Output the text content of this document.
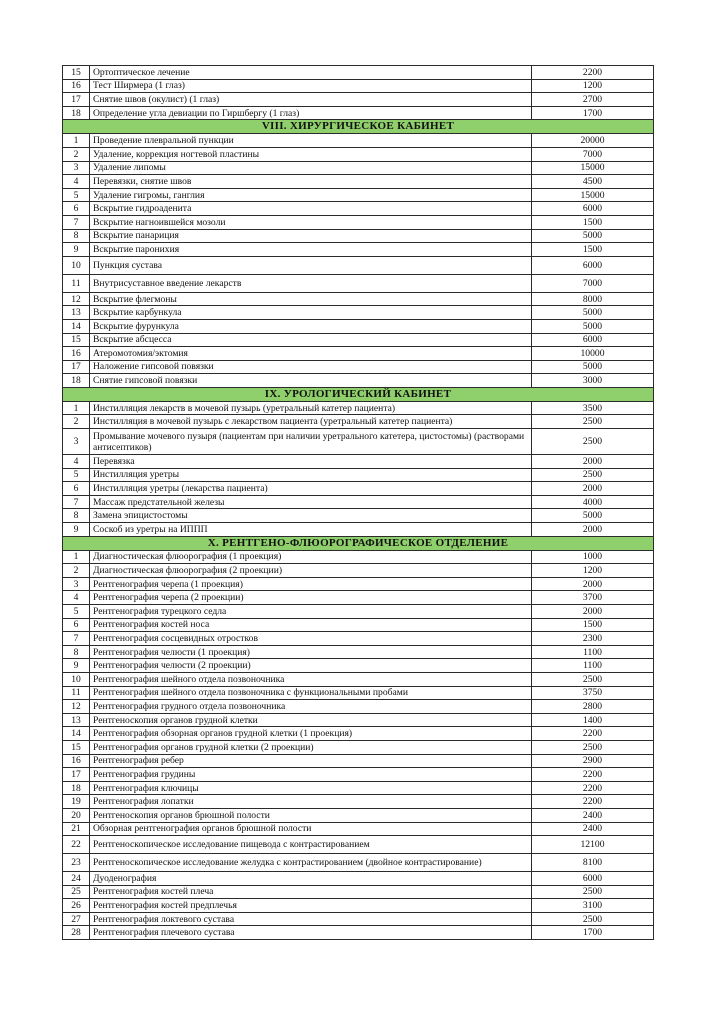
15	Ортоптическое лечение	2200
16	Тест Ширмера (1 глаз)	1200
17	Снятие швов (окулист) (1 глаз)	2700
18	Определение угла девиации по Гиршбергу (1 глаз)	1700
VIII. ХИРУРГИЧЕСКОЕ КАБИНЕТ		
1	Проведение плевральной пункции	20000
2	Удаление, коррекция ногтевой пластины	7000
3	Удаление липомы	15000
4	Перевязки, снятие швов	4500
5	Удаление гигромы, ганглия	15000
6	Вскрытие гидроаденита	6000
7	Вскрытие нагноившейся мозоли	1500
8	Вскрытие панариция	5000
9	Вскрытие паронихия	1500
10	Пункция сустава	6000
11	Внутрисуставное введение лекарств	7000
12	Вскрытие флегмоны	8000
13	Вскрытие карбункула	5000
14	Вскрытие фурункула	5000
15	Вскрытие абсцесса	6000
16	Атеромотомия/эктомия	10000
17	Наложение гипсовой повязки	5000
18	Снятие гипсовой повязки	3000
IX. УРОЛОГИЧЕСКИЙ КАБИНЕТ		
1	Инстилляция лекарств в мочевой пузырь (уретральный катетер пациента)	3500
2	Инстилляция в мочевой пузырь с лекарством пациента (уретральный катетер пациента)	2500
3	Промывание мочевого пузыря (пациентам при наличии уретрального катетера, цистостомы) (растворами антисептиков)	2500
4	Перевязка	2000
5	Инстилляция уретры	2500
6	Инстилляция уретры (лекарства пациента)	2000
7	Массаж предстательной железы	4000
8	Замена эпицистостомы	5000
9	Соскоб из уретры на ИППП	2000
X. РЕНТГЕНО-ФЛЮОРОГРАФИЧЕСКОЕ ОТДЕЛЕНИЕ		
1	Диагностическая флюорография (1 проекция)	1000
2	Диагностическая флюорография (2 проекции)	1200
3	Рентгенография черепа (1 проекция)	2000
4	Рентгенография черепа (2 проекции)	3700
5	Рентгенография турецкого седла	2000
6	Рентгенография костей носа	1500
7	Рентгенография сосцевидных отростков	2300
8	Рентгенография челюсти (1 проекция)	1100
9	Рентгенография челюсти (2 проекции)	1100
10	Рентгенография шейного отдела позвоночника	2500
11	Рентгенография шейного отдела позвоночника с функциональными пробами	3750
12	Рентгенография грудного отдела позвоночника	2800
13	Рентгеноскопия органов грудной клетки	1400
14	Рентгенография обзорная органов грудной клетки (1 проекция)	2200
15	Рентгенография органов грудной клетки (2 проекции)	2500
16	Рентгенография ребер	2900
17	Рентгенография грудины	2200
18	Рентгенография ключицы	2200
19	Рентгенография лопатки	2200
20	Рентгеноскопия органов брюшной полости	2400
21	Обзорная рентгенография органов брюшной полости	2400
22	Рентгеноскопическое исследование пищевода с контрастированием	12100
23	Рентгеноскопическое исследование желудка с контрастированием (двойное контрастирование)	8100
24	Дуоденография	6000
25	Рентгенография костей плеча	2500
26	Рентгенография костей предплечья	3100
27	Рентгенография локтевого сустава	2500
28	Рентгенография плечевого сустава	1700
